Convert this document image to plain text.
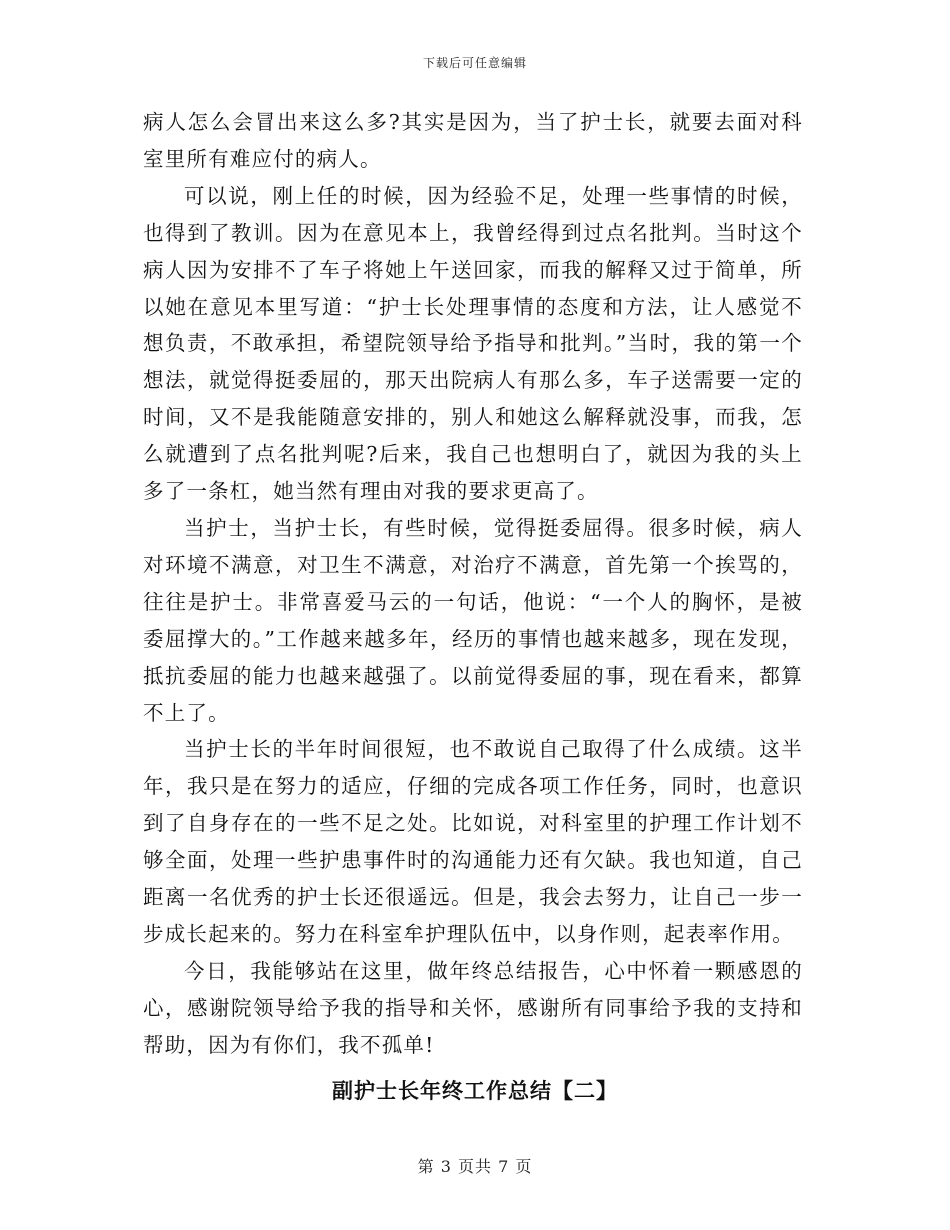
下载后可任意编辑

病人怎么会冒出来这么多?其实是因为，当了护士长，就要去面对科室里所有难应付的病人。

可以说，刚上任的时候，因为经验不足，处理一些事情的时候，也得到了教训。因为在意见本上，我曾经得到过点名批判。当时这个病人因为安排不了车子将她上午送回家，而我的解释又过于简单，所以她在意见本里写道：“护士长处理事情的态度和方法，让人感觉不想负责，不敢承担，希望院领导给予指导和批判。”当时，我的第一个想法，就觉得挺委屈的，那天出院病人有那么多，车子送需要一定的时间，又不是我能随意安排的，别人和她这么解释就没事，而我，怎么就遭到了点名批判呢?后来，我自己也想明白了，就因为我的头上多了一条杠，她当然有理由对我的要求更高了。

当护士，当护士长，有些时候，觉得挺委屈得。很多时候，病人对环境不满意，对卫生不满意，对治疗不满意，首先第一个挨骂的，往往是护士。非常喜爱马云的一句话，他说：“一个人的胸怀，是被委屈撑大的。”工作越来越多年，经历的事情也越来越多，现在发现，抵抗委屈的能力也越来越强了。以前觉得委屈的事，现在看来，都算不上了。

当护士长的半年时间很短，也不敢说自己取得了什么成绩。这半年，我只是在努力的适应，仔细的完成各项工作任务，同时，也意识到了自身存在的一些不足之处。比如说，对科室里的护理工作计划不够全面，处理一些护患事件时的沟通能力还有欠缺。我也知道，自己距离一名优秀的护士长还很遥远。但是，我会去努力，让自己一步一步成长起来的。努力在科室牟护理队伍中，以身作则，起表率作用。

今日，我能够站在这里，做年终总结报告，心中怀着一颗感恩的心，感谢院领导给予我的指导和关怀，感谢所有同事给予我的支持和帮助，因为有你们，我不孤单!

副护士长年终工作总结【二】
第 3 页共 7 页
